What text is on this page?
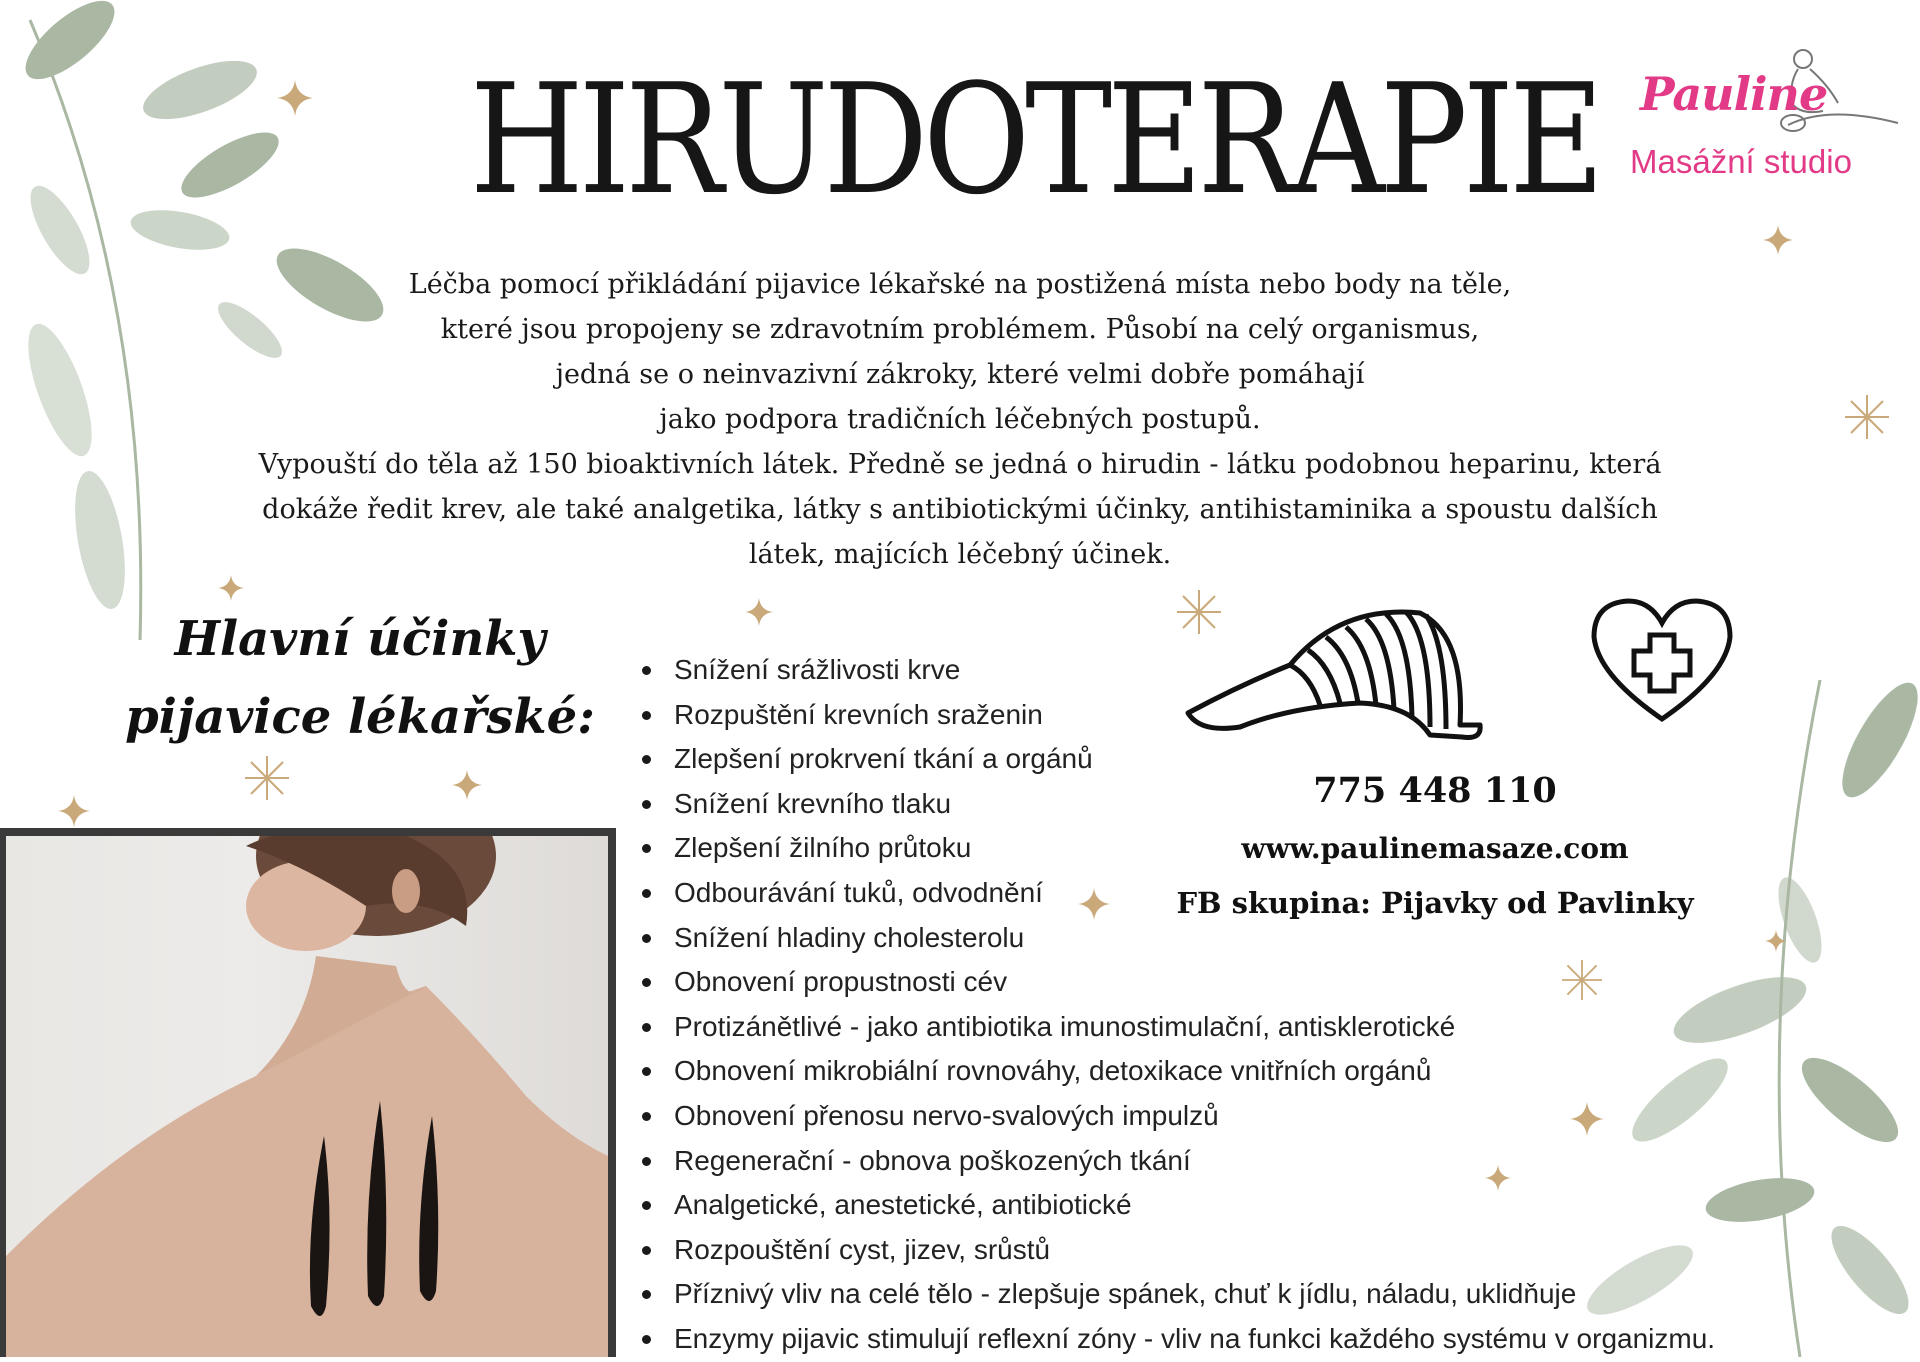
HIRUDOTERAPIE Pauline
Masážní studio

Léčba pomocí přikládání pijavice lékařské na postižená místa nebo body na těle,

které jsou propojeny se zdravotním problémem. Působí na celý organismus,

jedná se o neinvazivní zákroky, které velmi dobře pomáhají

jako podpora tradičních léčebných postupů.

Vypouští do těla až 150 bioaktivních látek. Předně se jedná o hirudin - látku podobnou heparinu, která

dokáže ředit krev, ale také analgetika, látky s antibiotickými účinky, antihistaminika a spoustu dalších

látek, majících léčebný účinek.

Hlavní účinky
pijavice lékařské:
Snížení srážlivosti krve
Rozpuštění krevních sraženin
Zlepšení prokrvení tkání a orgánů
Snížení krevního tlaku
Zlepšení žilního průtoku
Odbourávání tuků, odvodnění
Snížení hladiny cholesterolu
Obnovení propustnosti cév
Protizánětlivé - jako antibiotika imunostimulační, antisklerotické
Obnovení mikrobiální rovnováhy, detoxikace vnitřních orgánů
Obnovení přenosu nervo-svalových impulzů
Regenerační - obnova poškozených tkání
Analgetické, anestetické, antibiotické
Rozpouštění cyst, jizev, srůstů
Příznivý vliv na celé tělo - zlepšuje spánek, chuť k jídlu, náladu, uklidňuje
Enzymy pijavic stimulují reflexní zóny - vliv na funkci každého systému v organizmu.
775 448 110
www.paulinemasaze.com
FB skupina: Pijavky od Pavlinky
